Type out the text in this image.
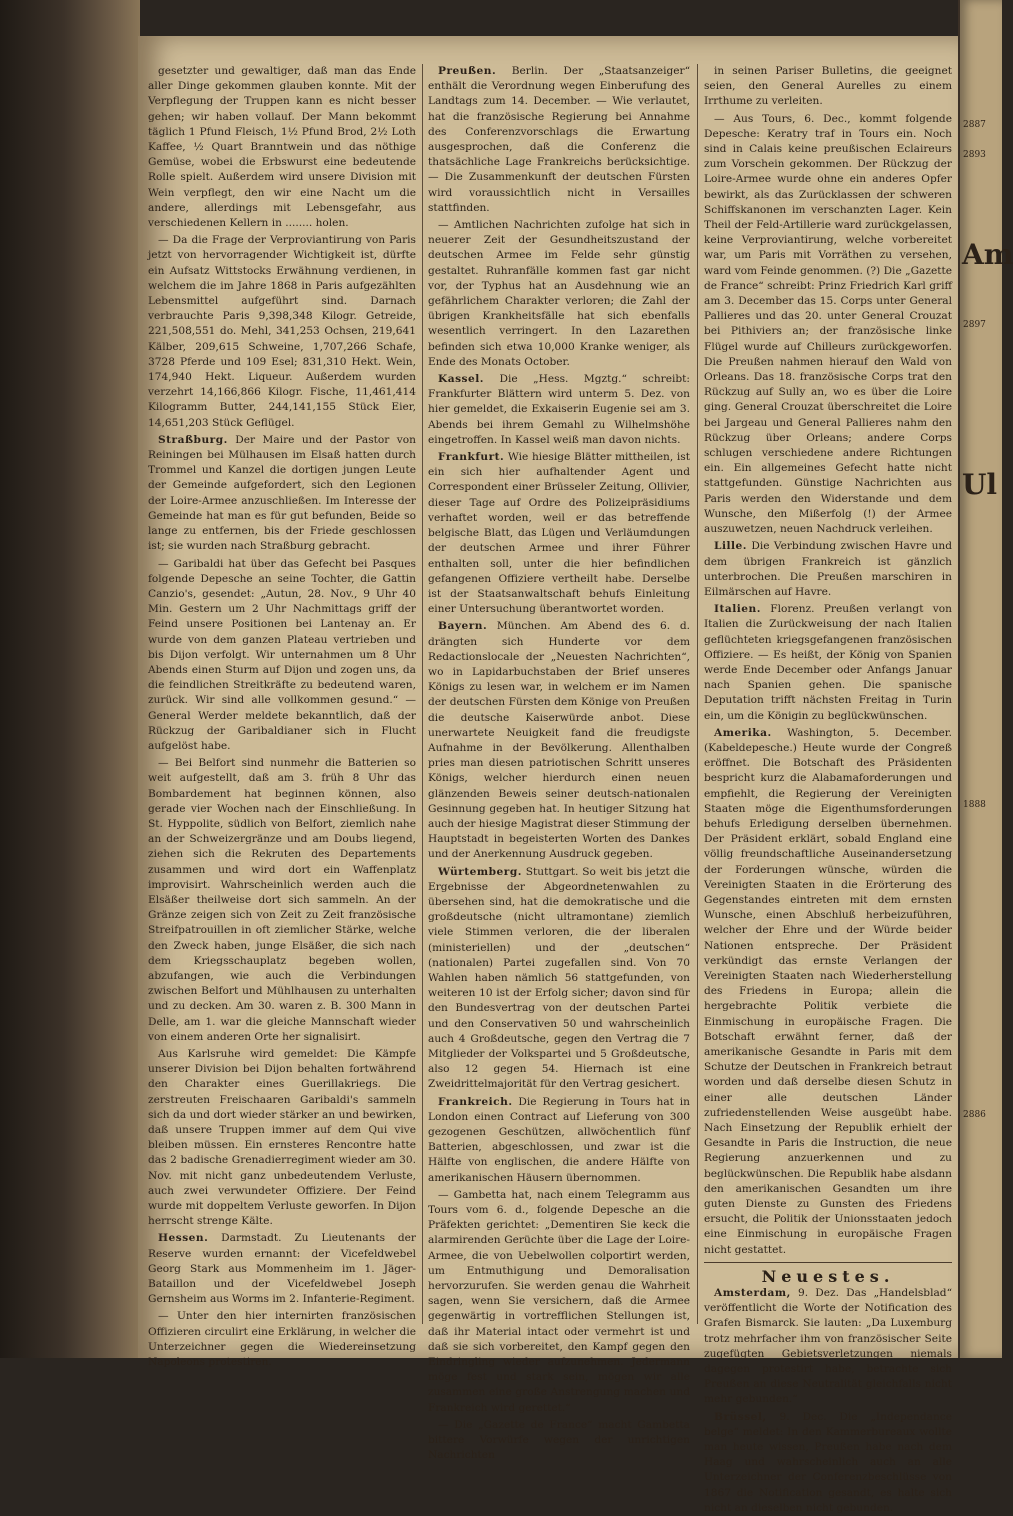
gesetzter und gewaltiger, daß man das Ende aller Dinge gekommen glauben konnte. Mit der Verpflegung der Truppen kann es nicht besser gehen; wir haben vollauf. Der Mann bekommt täglich 1 Pfund Fleisch, 1½ Pfund Brod, 2½ Loth Kaffee, ½ Quart Branntwein und das nöthige Gemüse, wobei die Erbswurst eine bedeutende Rolle spielt. Außerdem wird unsere Division mit Wein verpflegt, den wir eine Nacht um die andere, allerdings mit Lebensgefahr, aus verschiedenen Kellern in ........ holen.

— Da die Frage der Verproviantirung von Paris jetzt von hervorragender Wichtigkeit ist, dürfte ein Aufsatz Wittstocks Erwähnung verdienen, in welchem die im Jahre 1868 in Paris aufgezählten Lebensmittel aufgeführt sind. Darnach verbrauchte Paris 9,398,348 Kilogr. Getreide, 221,508,551 do. Mehl, 341,253 Ochsen, 219,641 Kälber, 209,615 Schweine, 1,707,266 Schafe, 3728 Pferde und 109 Esel; 831,310 Hekt. Wein, 174,940 Hekt. Liqueur. Außerdem wurden verzehrt 14,166,866 Kilogr. Fische, 11,461,414 Kilogramm Butter, 244,141,155 Stück Eier, 14,651,203 Stück Geflügel.

Straßburg. Der Maire und der Pastor von Reiningen bei Mülhausen im Elsaß hatten durch Trommel und Kanzel die dortigen jungen Leute der Gemeinde aufgefordert, sich den Legionen der Loire-Armee anzuschließen. Im Interesse der Gemeinde hat man es für gut befunden, Beide so lange zu entfernen, bis der Friede geschlossen ist; sie wurden nach Straßburg gebracht.

— Garibaldi hat über das Gefecht bei Pasques folgende Depesche an seine Tochter, die Gattin Canzio's, gesendet: „Autun, 28. Nov., 9 Uhr 40 Min. Gestern um 2 Uhr Nachmittags griff der Feind unsere Positionen bei Lantenay an. Er wurde von dem ganzen Plateau vertrieben und bis Dijon verfolgt. Wir unternahmen um 8 Uhr Abends einen Sturm auf Dijon und zogen uns, da die feindlichen Streitkräfte zu bedeutend waren, zurück. Wir sind alle vollkommen gesund.“ — General Werder meldete bekanntlich, daß der Rückzug der Garibaldianer sich in Flucht aufgelöst habe.

— Bei Belfort sind nunmehr die Batterien so weit aufgestellt, daß am 3. früh 8 Uhr das Bombardement hat beginnen können, also gerade vier Wochen nach der Einschließung. In St. Hyppolite, südlich von Belfort, ziemlich nahe an der Schweizergränze und am Doubs liegend, ziehen sich die Rekruten des Departements zusammen und wird dort ein Waffenplatz improvisirt. Wahrscheinlich werden auch die Elsäßer theilweise dort sich sammeln. An der Gränze zeigen sich von Zeit zu Zeit französische Streifpatrouillen in oft ziemlicher Stärke, welche den Zweck haben, junge Elsäßer, die sich nach dem Kriegsschauplatz begeben wollen, abzufangen, wie auch die Verbindungen zwischen Belfort und Mühlhausen zu unterhalten und zu decken. Am 30. waren z. B. 300 Mann in Delle, am 1. war die gleiche Mannschaft wieder von einem anderen Orte her signalisirt.

Aus Karlsruhe wird gemeldet: Die Kämpfe unserer Division bei Dijon behalten fortwährend den Charakter eines Guerillakriegs. Die zerstreuten Freischaaren Garibaldi's sammeln sich da und dort wieder stärker an und bewirken, daß unsere Truppen immer auf dem Qui vive bleiben müssen. Ein ernsteres Rencontre hatte das 2 badische Grenadierregiment wieder am 30. Nov. mit nicht ganz unbedeutendem Verluste, auch zwei verwundeter Offiziere. Der Feind wurde mit doppeltem Verluste geworfen. In Dijon herrscht strenge Kälte.

Hessen. Darmstadt. Zu Lieutenants der Reserve wurden ernannt: der Vicefeldwebel Georg Stark aus Mommenheim im 1. Jäger-Bataillon und der Vicefeldwebel Joseph Gernsheim aus Worms im 2. Infanterie-Regiment.

— Unter den hier internirten französischen Offizieren circulirt eine Erklärung, in welcher die Unterzeichner gegen die Wiedereinsetzung Napoleons protestiren.

Preußen. Berlin. Der „Staatsanzeiger“ enthält die Verordnung wegen Einberufung des Landtags zum 14. December. — Wie verlautet, hat die französische Regierung bei Annahme des Conferenzvorschlags die Erwartung ausgesprochen, daß die Conferenz die thatsächliche Lage Frankreichs berücksichtige. — Die Zusammenkunft der deutschen Fürsten wird voraussichtlich nicht in Versailles stattfinden.

— Amtlichen Nachrichten zufolge hat sich in neuerer Zeit der Gesundheitszustand der deutschen Armee im Felde sehr günstig gestaltet. Ruhranfälle kommen fast gar nicht vor, der Typhus hat an Ausdehnung wie an gefährlichem Charakter verloren; die Zahl der übrigen Krankheitsfälle hat sich ebenfalls wesentlich verringert. In den Lazarethen befinden sich etwa 10,000 Kranke weniger, als Ende des Monats October.

Kassel. Die „Hess. Mgztg.“ schreibt: Frankfurter Blättern wird unterm 5. Dez. von hier gemeldet, die Exkaiserin Eugenie sei am 3. Abends bei ihrem Gemahl zu Wilhelmshöhe eingetroffen. In Kassel weiß man davon nichts.

Frankfurt. Wie hiesige Blätter mittheilen, ist ein sich hier aufhaltender Agent und Correspondent einer Brüsseler Zeitung, Ollivier, dieser Tage auf Ordre des Polizeipräsidiums verhaftet worden, weil er das betreffende belgische Blatt, das Lügen und Verläumdungen der deutschen Armee und ihrer Führer enthalten soll, unter die hier befindlichen gefangenen Offiziere vertheilt habe. Derselbe ist der Staatsanwaltschaft behufs Einleitung einer Untersuchung überantwortet worden.

Bayern. München. Am Abend des 6. d. drängten sich Hunderte vor dem Redactionslocale der „Neuesten Nachrichten“, wo in Lapidarbuchstaben der Brief unseres Königs zu lesen war, in welchem er im Namen der deutschen Fürsten dem Könige von Preußen die deutsche Kaiserwürde anbot. Diese unerwartete Neuigkeit fand die freudigste Aufnahme in der Bevölkerung. Allenthalben pries man diesen patriotischen Schritt unseres Königs, welcher hierdurch einen neuen glänzenden Beweis seiner deutsch-nationalen Gesinnung gegeben hat. In heutiger Sitzung hat auch der hiesige Magistrat dieser Stimmung der Hauptstadt in begeisterten Worten des Dankes und der Anerkennung Ausdruck gegeben.

Würtemberg. Stuttgart. So weit bis jetzt die Ergebnisse der Abgeordnetenwahlen zu übersehen sind, hat die demokratische und die großdeutsche (nicht ultramontane) ziemlich viele Stimmen verloren, die der liberalen (ministeriellen) und der „deutschen“ (nationalen) Partei zugefallen sind. Von 70 Wahlen haben nämlich 56 stattgefunden, von weiteren 10 ist der Erfolg sicher; davon sind für den Bundesvertrag von der deutschen Partei und den Conservativen 50 und wahrscheinlich auch 4 Großdeutsche, gegen den Vertrag die 7 Mitglieder der Volkspartei und 5 Großdeutsche, also 12 gegen 54. Hiernach ist eine Zweidrittelmajorität für den Vertrag gesichert.

Frankreich. Die Regierung in Tours hat in London einen Contract auf Lieferung von 300 gezogenen Geschützen, allwöchentlich fünf Batterien, abgeschlossen, und zwar ist die Hälfte von englischen, die andere Hälfte von amerikanischen Häusern übernommen.

— Gambetta hat, nach einem Telegramm aus Tours vom 6. d., folgende Depesche an die Präfekten gerichtet: „Dementiren Sie keck die alarmirenden Gerüchte über die Lage der Loire-Armee, die von Uebelwollen colportirt werden, um Entmuthigung und Demoralisation hervorzurufen. Sie werden genau die Wahrheit sagen, wenn Sie versichern, daß die Armee gegenwärtig in vortrefflichen Stellungen ist, daß ihr Material intact oder vermehrt ist und daß sie sich vorbereitet, den Kampf gegen den Eindringling wieder aufzunehmen. Jedermann möge fest und stark sein, mögen wir alle zusammen eine große Anstrengung machen und Frankreich wird gerettet.“

— Die „Gazette de France“ macht Gambetta bittere Vorwürfe wegen der unrichtigen Nachrichten

in seinen Pariser Bulletins, die geeignet seien, den General Aurelles zu einem Irrthume zu verleiten.

— Aus Tours, 6. Dec., kommt folgende Depesche: Keratry traf in Tours ein. Noch sind in Calais keine preußischen Eclaireurs zum Vorschein gekommen. Der Rückzug der Loire-Armee wurde ohne ein anderes Opfer bewirkt, als das Zurücklassen der schweren Schiffskanonen im verschanzten Lager. Kein Theil der Feld-Artillerie ward zurückgelassen, keine Verproviantirung, welche vorbereitet war, um Paris mit Vorräthen zu versehen, ward vom Feinde genommen. (?) Die „Gazette de France“ schreibt: Prinz Friedrich Karl griff am 3. December das 15. Corps unter General Pallieres und das 20. unter General Crouzat bei Pithiviers an; der französische linke Flügel wurde auf Chilleurs zurückgeworfen. Die Preußen nahmen hierauf den Wald von Orleans. Das 18. französische Corps trat den Rückzug auf Sully an, wo es über die Loire ging. General Crouzat überschreitet die Loire bei Jargeau und General Pallieres nahm den Rückzug über Orleans; andere Corps schlugen verschiedene andere Richtungen ein. Ein allgemeines Gefecht hatte nicht stattgefunden. Günstige Nachrichten aus Paris werden den Widerstande und dem Wunsche, den Mißerfolg (!) der Armee auszuwetzen, neuen Nachdruck verleihen.

Lille. Die Verbindung zwischen Havre und dem übrigen Frankreich ist gänzlich unterbrochen. Die Preußen marschiren in Eilmärschen auf Havre.

Italien. Florenz. Preußen verlangt von Italien die Zurückweisung der nach Italien geflüchteten kriegsgefangenen französischen Offiziere. — Es heißt, der König von Spanien werde Ende December oder Anfangs Januar nach Spanien gehen. Die spanische Deputation trifft nächsten Freitag in Turin ein, um die Königin zu beglückwünschen.

Amerika. Washington, 5. December. (Kabeldepesche.) Heute wurde der Congreß eröffnet. Die Botschaft des Präsidenten bespricht kurz die Alabamaforderungen und empfiehlt, die Regierung der Vereinigten Staaten möge die Eigenthumsforderungen behufs Erledigung derselben übernehmen. Der Präsident erklärt, sobald England eine völlig freundschaftliche Auseinandersetzung der Forderungen wünsche, würden die Vereinigten Staaten in die Erörterung des Gegenstandes eintreten mit dem ernsten Wunsche, einen Abschluß herbeizuführen, welcher der Ehre und der Würde beider Nationen entspreche. Der Präsident verkündigt das ernste Verlangen der Vereinigten Staaten nach Wiederherstellung des Friedens in Europa; allein die hergebrachte Politik verbiete die Einmischung in europäische Fragen. Die Botschaft erwähnt ferner, daß der amerikanische Gesandte in Paris mit dem Schutze der Deutschen in Frankreich betraut worden und daß derselbe diesen Schutz in einer alle deutschen Länder zufriedenstellenden Weise ausgeübt habe. Nach Einsetzung der Republik erhielt der Gesandte in Paris die Instruction, die neue Regierung anzuerkennen und zu beglückwünschen. Die Republik habe alsdann den amerikanischen Gesandten um ihre guten Dienste zu Gunsten des Friedens ersucht, die Politik der Unionsstaaten jedoch eine Einmischung in europäische Fragen nicht gestattet.

Neuestes.

Amsterdam, 9. Dez. Das „Handelsblad“ veröffentlicht die Worte der Notification des Grafen Bismarck. Sie lauten: „Da Luxemburg trotz mehrfacher ihm von französischer Seite zugefügten Gebietsverletzungen niemals dagegen protestirt habe, betrachte sich Preußen an diese Neutralität gleichfalls nicht mehr gebunden.“

Brüssel, 9. Dec. Die „Independance belge“ meldet: In den Kammerbureaux wollte man heute wissen, Preußen habe nach dem Haag und wahrscheinlich auch an alle Unterzeichner der Conferenzbeschlüsse von 1867 die Notification gesandt, es halte sich nicht an dieselben nicht gebunden.

2887
2893
Am
2897
Ul
1888
2886
